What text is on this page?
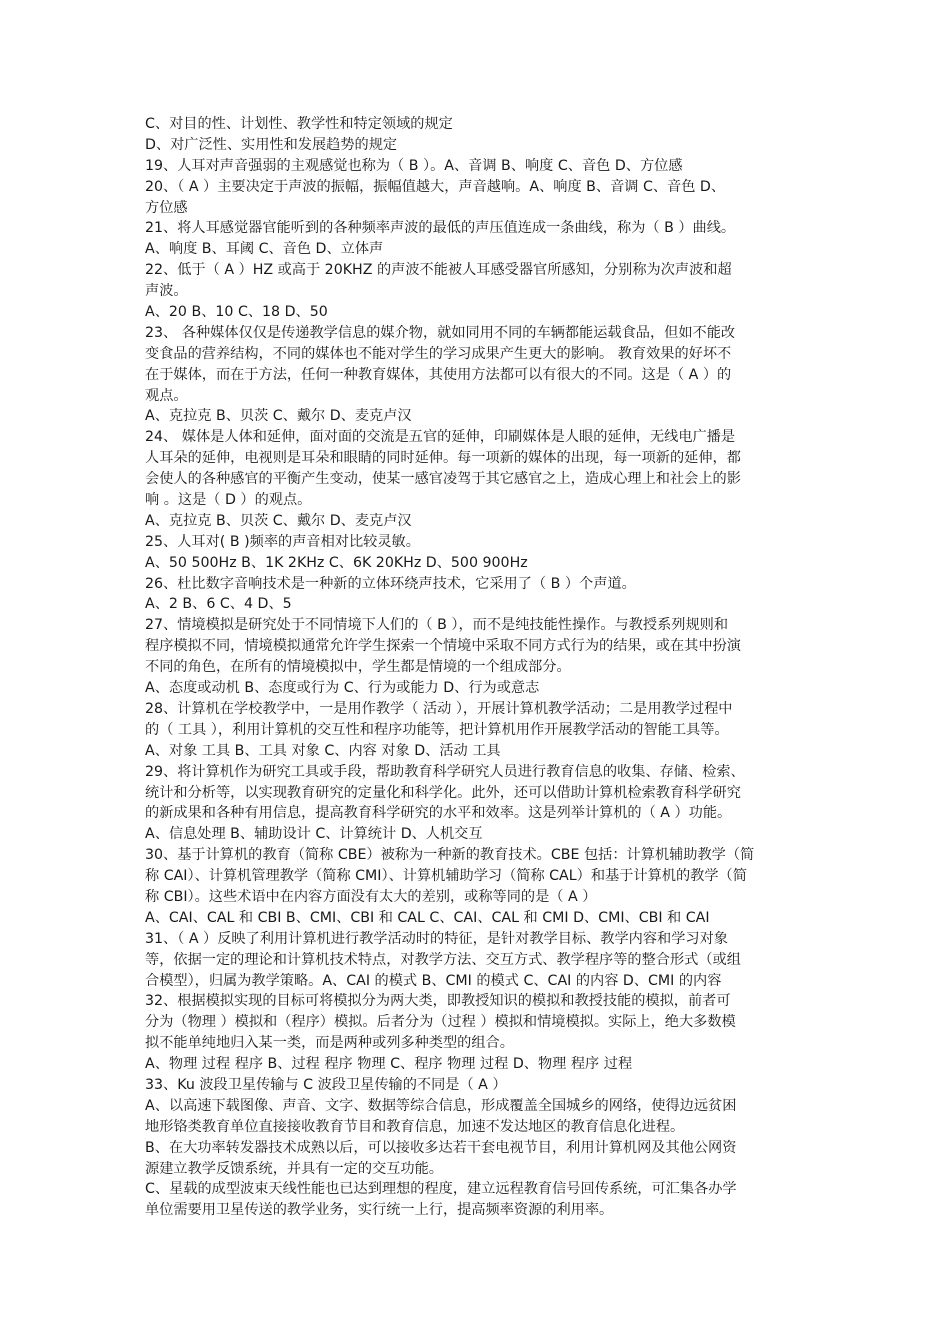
C、对目的性、计划性、教学性和特定领域的规定
D、对广泛性、实用性和发展趋势的规定
19、人耳对声音强弱的主观感觉也称为（ B ）。A、音调 B、响度 C、音色 D、方位感
20、（ A ）主要决定于声波的振幅，振幅值越大，声音越响。A、响度 B、音调 C、音色 D、
方位感
21、将人耳感觉器官能听到的各种频率声波的最低的声压值连成一条曲线，称为（ B ）曲线。
A、响度 B、耳阈 C、音色 D、立体声
22、低于（ A ）HZ 或高于 20KHZ 的声波不能被人耳感受器官所感知，分别称为次声波和超
声波。
A、20 B、10 C、18 D、50
23、 各种媒体仅仅是传递教学信息的媒介物，就如同用不同的车辆都能运载食品，但如不能改
变食品的营养结构，不同的媒体也不能对学生的学习成果产生更大的影响。 教育效果的好坏不
在于媒体，而在于方法，任何一种教育媒体，其使用方法都可以有很大的不同。这是（ A ）的
观点。
A、克拉克 B、贝茨 C、戴尔 D、麦克卢汉
24、 媒体是人体和延伸，面对面的交流是五官的延伸，印刷媒体是人眼的延伸，无线电广播是
人耳朵的延伸，电视则是耳朵和眼睛的同时延伸。每一项新的媒体的出现，每一项新的延伸，都
会使人的各种感官的平衡产生变动，使某一感官凌驾于其它感官之上，造成心理上和社会上的影
响 。这是（ D ）的观点。
A、克拉克 B、贝茨 C、戴尔 D、麦克卢汉
25、人耳对( B )频率的声音相对比较灵敏。
A、50 500Hz B、1K 2KHz C、6K 20KHz D、500 900Hz
26、杜比数字音响技术是一种新的立体环绕声技术，它采用了（ B ）个声道。
A、2 B、6 C、4 D、5
27、情境模拟是研究处于不同情境下人们的（ B ），而不是纯技能性操作。与教授系列规则和
程序模拟不同，情境模拟通常允许学生探索一个情境中采取不同方式行为的结果，或在其中扮演
不同的角色，在所有的情境模拟中，学生都是情境的一个组成部分。
A、态度或动机 B、态度或行为 C、行为或能力 D、行为或意志
28、计算机在学校教学中，一是用作教学（ 活动 ），开展计算机教学活动；二是用教学过程中
的（ 工具 ），利用计算机的交互性和程序功能等，把计算机用作开展教学活动的智能工具等。
A、对象 工具 B、工具 对象 C、内容 对象 D、活动 工具
29、将计算机作为研究工具或手段，帮助教育科学研究人员进行教育信息的收集、存储、检索、
统计和分析等，以实现教育研究的定量化和科学化。此外，还可以借助计算机检索教育科学研究
的新成果和各种有用信息，提高教育科学研究的水平和效率。这是列举计算机的（ A ）功能。
A、信息处理 B、辅助设计 C、计算统计 D、人机交互
30、基于计算机的教育（简称 CBE）被称为一种新的教育技术。CBE 包括：计算机辅助教学（简
称 CAI）、计算机管理教学（简称 CMI）、计算机辅助学习（简称 CAL）和基于计算机的教学（简
称 CBI）。这些术语中在内容方面没有太大的差别，或称等同的是（ A ）
A、CAI、CAL 和 CBI B、CMI、CBI 和 CAL C、CAI、CAL 和 CMI D、CMI、CBI 和 CAI
31、（ A ）反映了利用计算机进行教学活动时的特征，是针对教学目标、教学内容和学习对象
等，依据一定的理论和计算机技术特点，对教学方法、交互方式、教学程序等的整合形式（或组
合模型），归属为教学策略。A、CAI 的模式 B、CMI 的模式 C、CAI 的内容 D、CMI 的内容
32、根据模拟实现的目标可将模拟分为两大类，即教授知识的模拟和教授技能的模拟，前者可
分为（物理 ）模拟和（程序）模拟。后者分为（过程 ）模拟和情境模拟。实际上，绝大多数模
拟不能单纯地归入某一类，而是两种或列多种类型的组合。
A、物理 过程 程序 B、过程 程序 物理 C、程序 物理 过程 D、物理 程序 过程
33、Ku 波段卫星传输与 C 波段卫星传输的不同是（ A ）
A、以高速下载图像、声音、文字、数据等综合信息，形成覆盖全国城乡的网络，使得边远贫困
地形铬类教育单位直接接收教育节目和教育信息，加速不发达地区的教育信息化进程。
B、在大功率转发器技术成熟以后，可以接收多达若干套电视节目，利用计算机网及其他公网资
源建立教学反馈系统，并具有一定的交互功能。
C、星载的成型波束天线性能也已达到理想的程度，建立远程教育信号回传系统，可汇集各办学
单位需要用卫星传送的教学业务，实行统一上行，提高频率资源的利用率。
